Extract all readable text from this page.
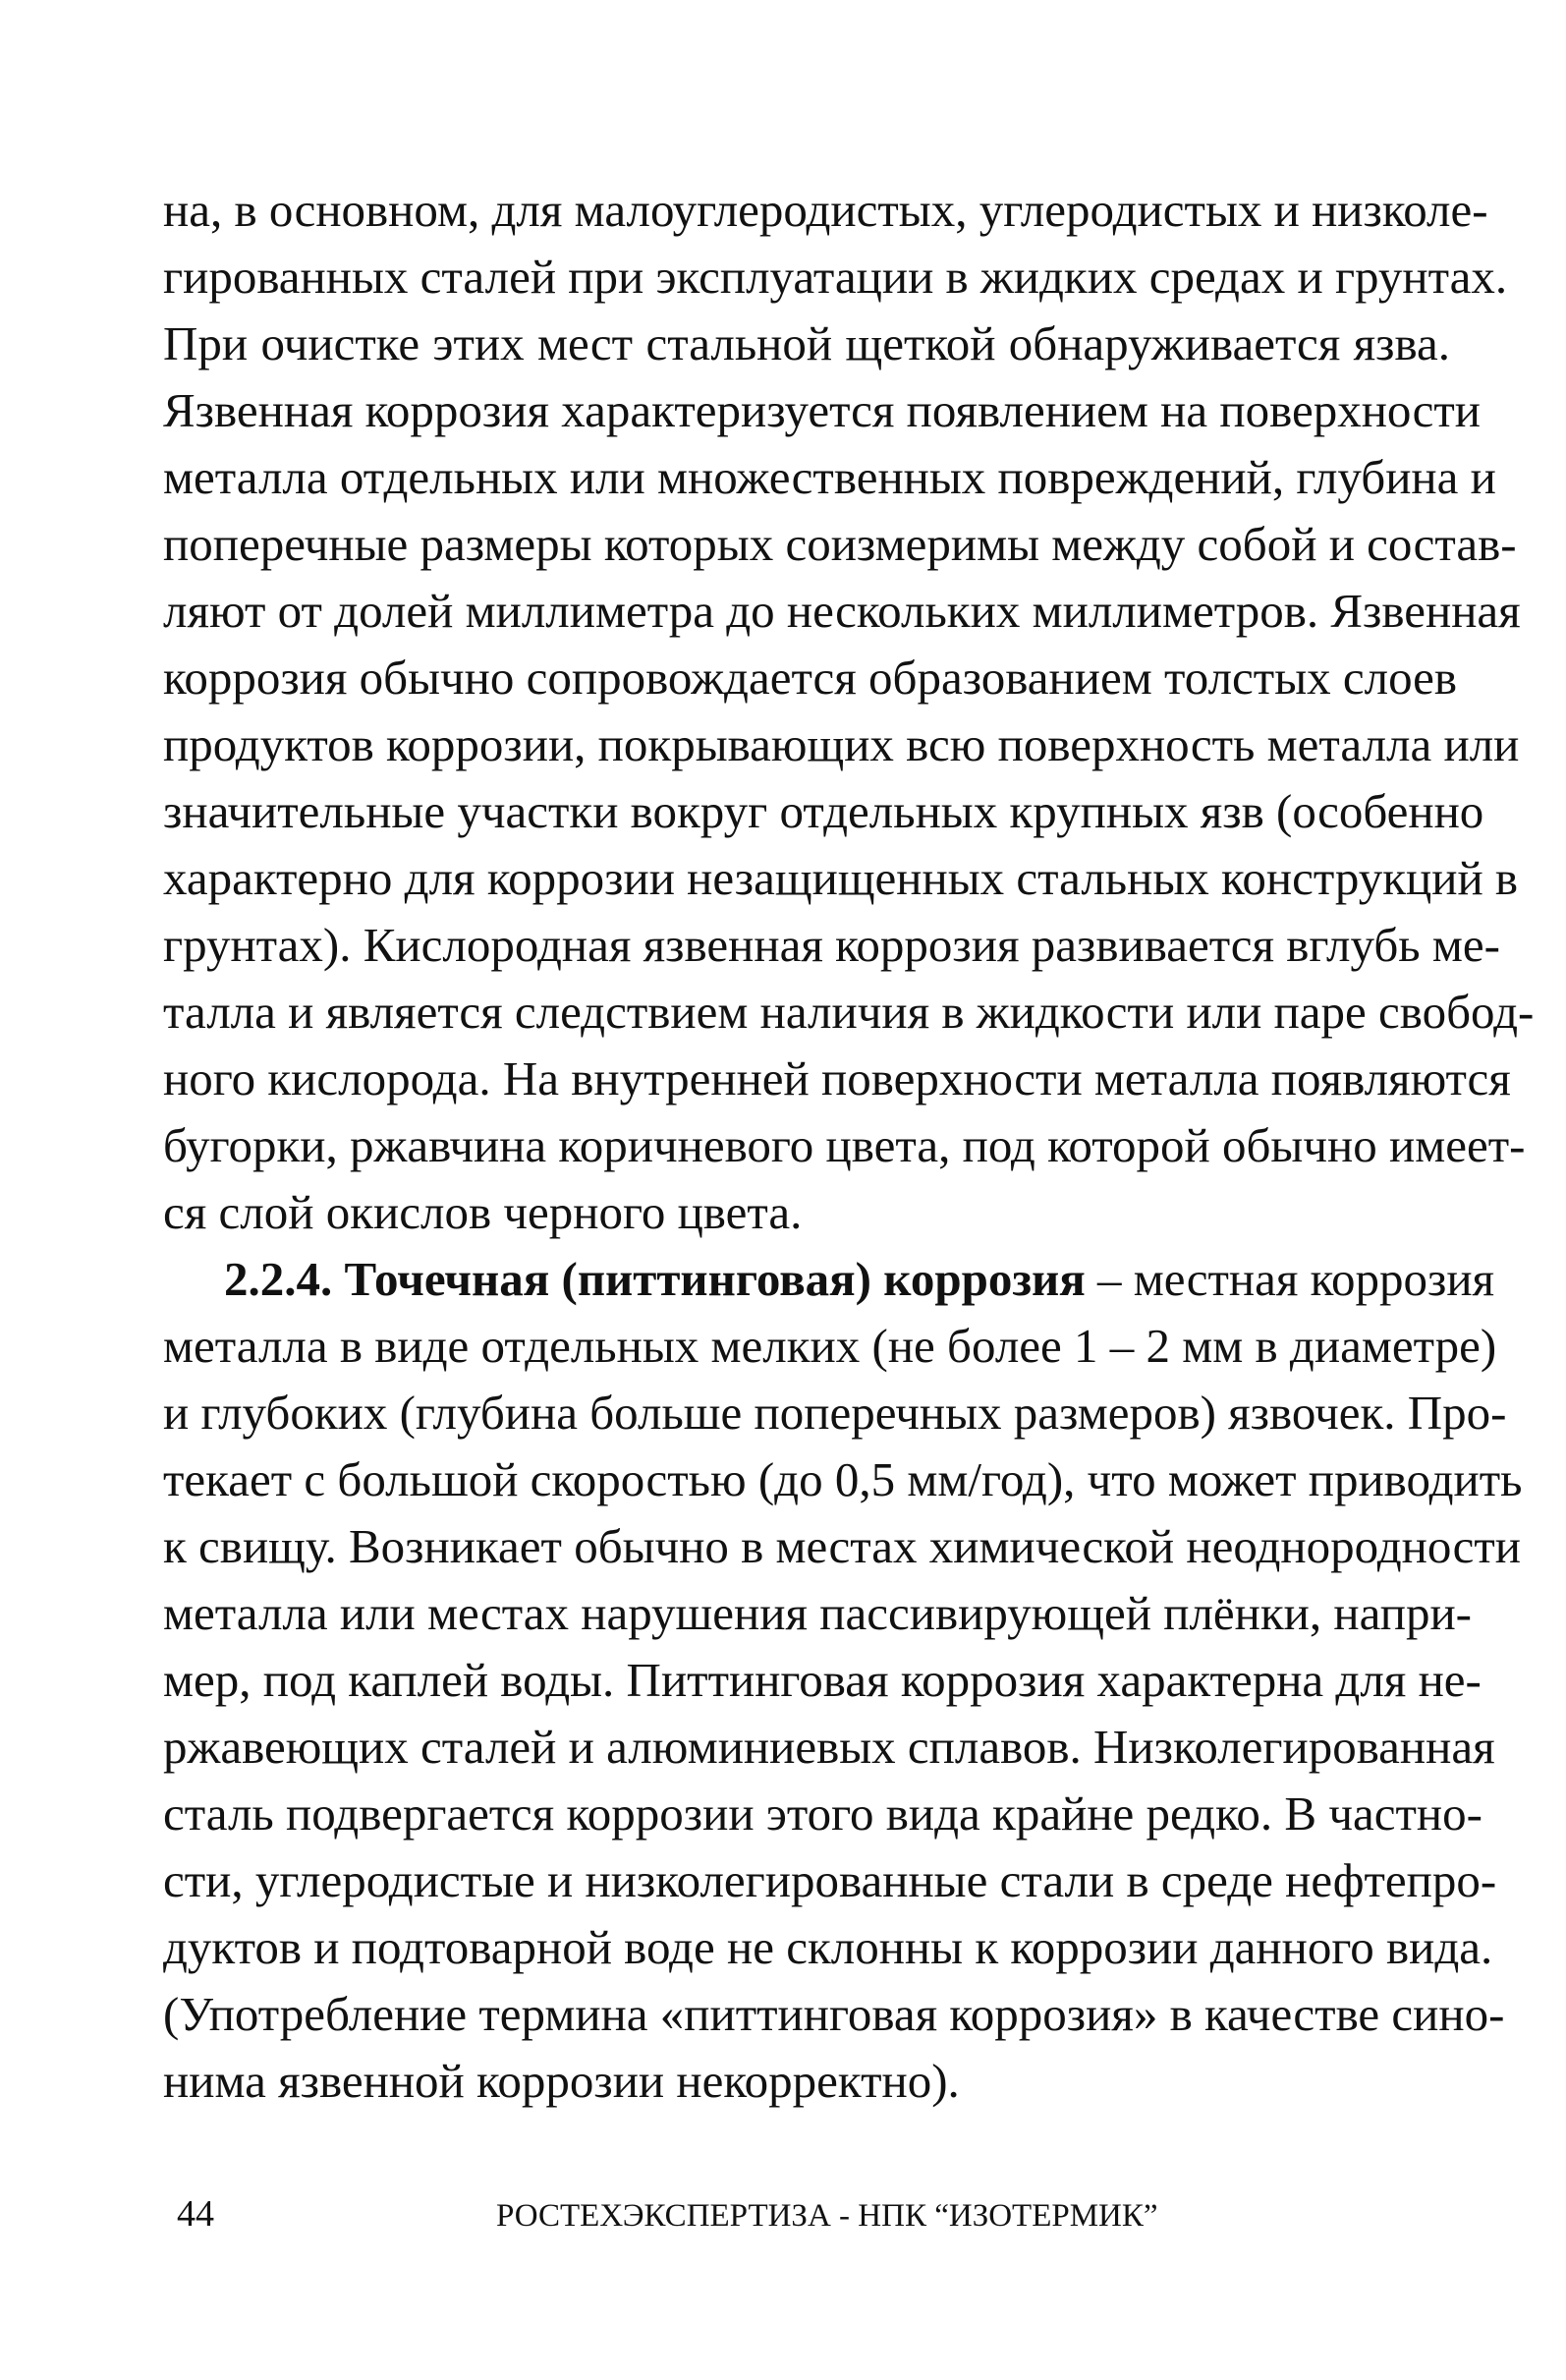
на, в основном, для малоуглеродистых, углеродистых и низколе-
гированных сталей при эксплуатации в жидких средах и грунтах.
При очистке этих мест стальной щеткой обнаруживается язва.
Язвенная коррозия характеризуется появлением на поверхности
металла отдельных или множественных повреждений, глубина и
поперечные размеры которых соизмеримы между собой и состав-
ляют от долей миллиметра до нескольких миллиметров. Язвенная
коррозия обычно сопровождается образованием толстых слоев
продуктов коррозии, покрывающих всю поверхность металла или
значительные участки вокруг отдельных крупных язв (особенно
характерно для коррозии незащищенных стальных конструкций в
грунтах). Кислородная язвенная коррозия развивается вглубь ме-
талла и является следствием наличия в жидкости или паре свобод-
ного кислорода. На внутренней поверхности металла появляются
бугорки, ржавчина коричневого цвета, под которой обычно имеет-
ся слой окислов черного цвета.
2.2.4. Точечная (питтинговая) коррозия – местная коррозия
металла в виде отдельных мелких (не более 1 – 2 мм в диаметре)
и глубоких (глубина больше поперечных размеров) язвочек. Про-
текает с большой скоростью (до 0,5 мм/год), что может приводить
к свищу. Возникает обычно в местах химической неоднородности
металла или местах нарушения пассивирующей плёнки, напри-
мер, под каплей воды. Питтинговая коррозия характерна для не-
ржавеющих сталей и алюминиевых сплавов. Низколегированная
сталь подвергается коррозии этого вида крайне редко. В частно-
сти, углеродистые и низколегированные стали в среде нефтепро-
дуктов и подтоварной воде не склонны к коррозии данного вида.
(Употребление термина «питтинговая коррозия» в качестве сино-
нима язвенной коррозии некорректно).
44	РОСТЕХЭКСПЕРТИЗА - НПК “ИЗОТЕРМИК”
